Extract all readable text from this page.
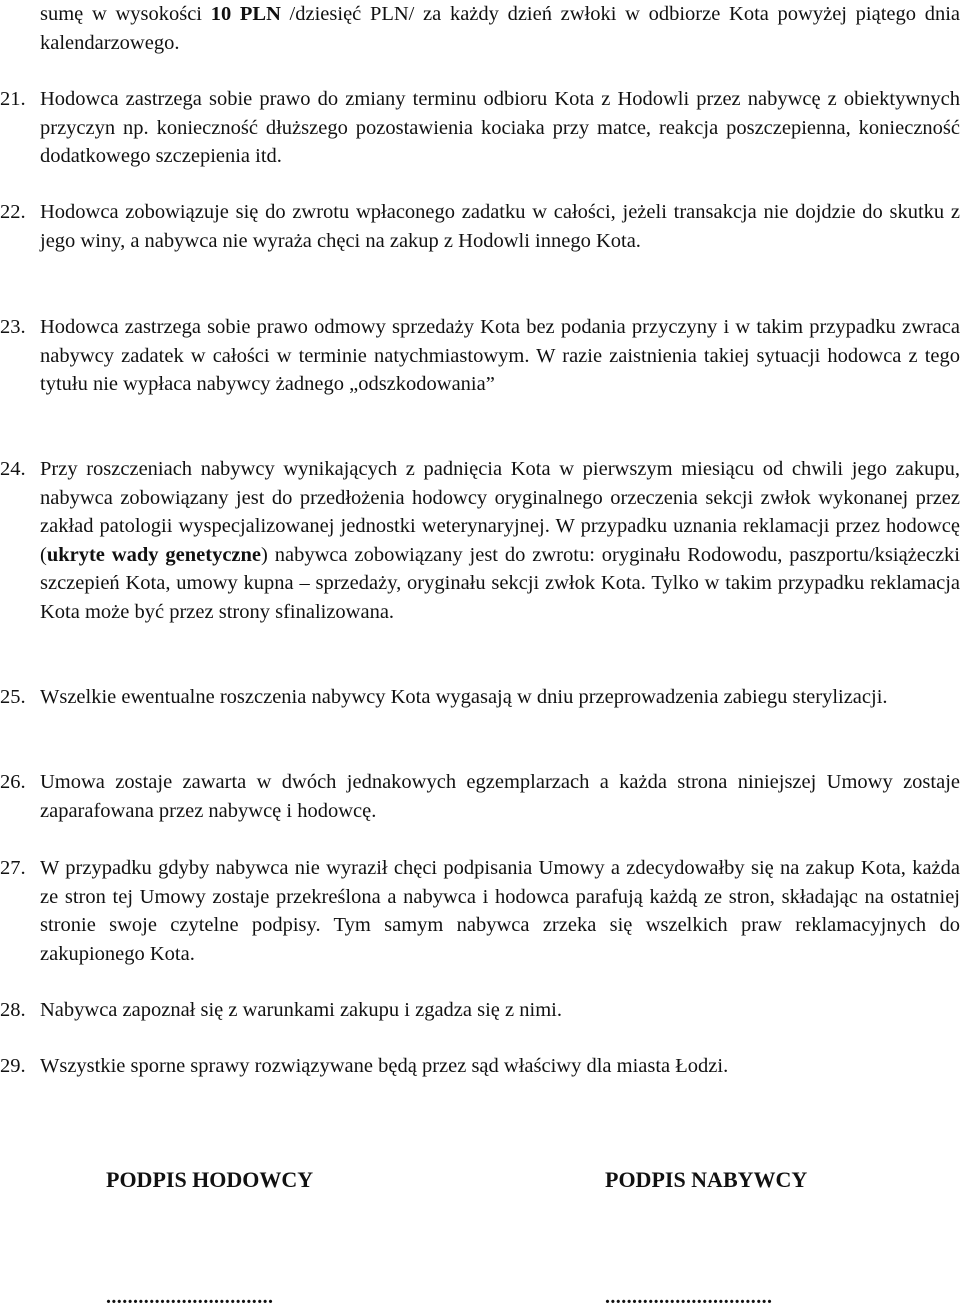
sumę w wysokości 10 PLN /dziesięć PLN/ za każdy dzień zwłoki w odbiorze Kota powyżej piątego dnia kalendarzowego.
21. Hodowca zastrzega sobie prawo do zmiany terminu odbioru Kota z Hodowli przez nabywcę z obiektywnych przyczyn np. konieczność dłuższego pozostawienia kociaka przy matce, reakcja poszczepienna, konieczność dodatkowego szczepienia itd.
22. Hodowca zobowiązuje się do zwrotu wpłaconego zadatku w całości, jeżeli transakcja nie dojdzie do skutku z jego winy, a nabywca nie wyraża chęci na zakup z Hodowli innego Kota.
23. Hodowca zastrzega sobie prawo odmowy sprzedaży Kota bez podania przyczyny i w takim przypadku zwraca nabywcy zadatek w całości w terminie natychmiastowym. W razie zaistnienia takiej sytuacji hodowca z tego tytułu nie wypłaca nabywcy żadnego „odszkodowania”
24. Przy roszczeniach nabywcy wynikających z padnięcia Kota w pierwszym miesiącu od chwili jego zakupu, nabywca zobowiązany jest do przedłożenia hodowcy oryginalnego orzeczenia sekcji zwłok wykonanej przez zakład patologii wyspecjalizowanej jednostki weterynaryjnej. W przypadku uznania reklamacji przez hodowcę (ukryte wady genetyczne) nabywca zobowiązany jest do zwrotu: oryginału Rodowodu, paszportu/książeczki szczepień Kota, umowy kupna – sprzedaży, oryginału sekcji zwłok Kota. Tylko w takim przypadku reklamacja Kota może być przez strony sfinalizowana.
25. Wszelkie ewentualne roszczenia nabywcy Kota wygasają w dniu przeprowadzenia zabiegu sterylizacji.
26. Umowa zostaje zawarta w dwóch jednakowych egzemplarzach a każda strona niniejszej Umowy zostaje zaparafowana przez nabywcę i hodowcę.
27. W przypadku gdyby nabywca nie wyraził chęci podpisania Umowy a zdecydowałby się na zakup Kota, każda ze stron tej Umowy zostaje przekreślona a nabywca i hodowca parafują każdą ze stron, składając na ostatniej stronie swoje czytelne podpisy. Tym samym nabywca zrzeka się wszelkich praw reklamacyjnych do zakupionego Kota.
28. Nabywca zapoznał się z warunkami zakupu i zgadza się z nimi.
29. Wszystkie sporne sprawy rozwiązywane będą przez sąd właściwy dla miasta Łodzi.
PODPIS HODOWCY	PODPIS NABYWCY
...............................	...............................
